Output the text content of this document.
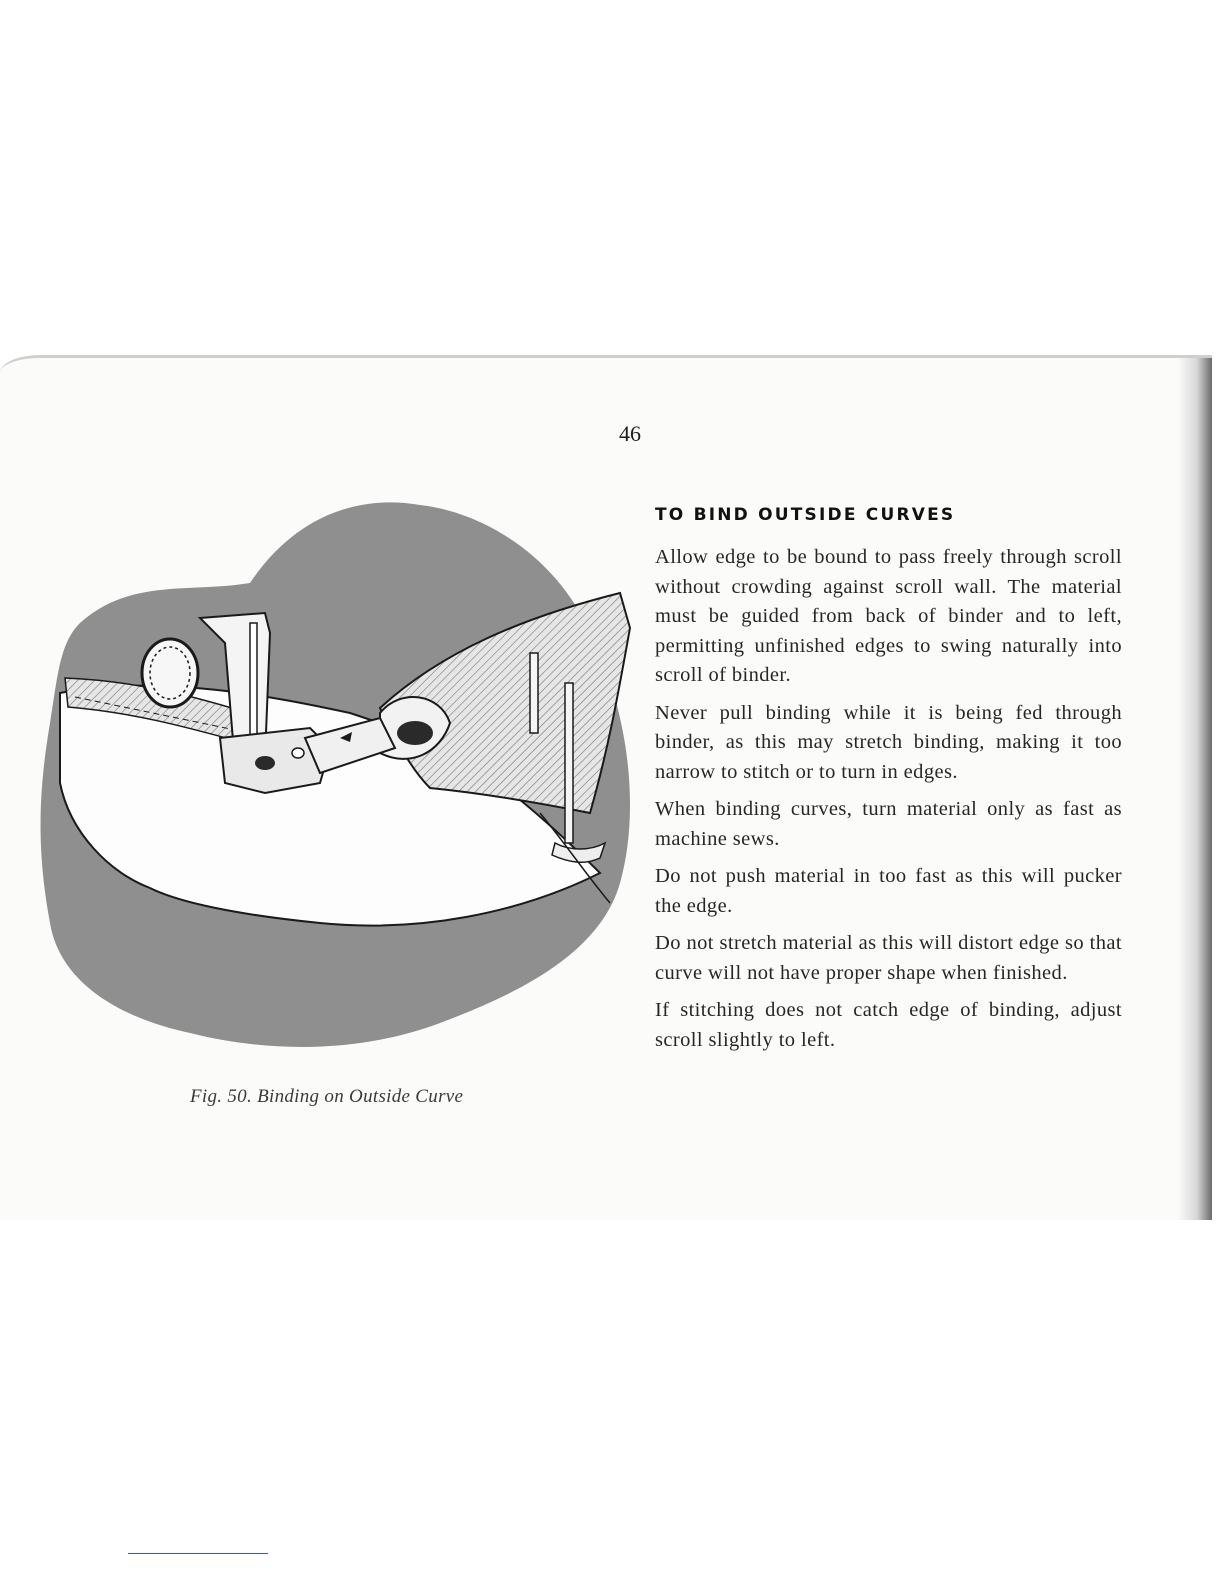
46
Fig. 50. Binding on Outside Curve
TO BIND OUTSIDE CURVES

Allow edge to be bound to pass freely through scroll without crowding against scroll wall. The material must be guided from back of binder and to left, permitting unfinished edges to swing naturally into scroll of binder.

Never pull binding while it is being fed through binder, as this may stretch binding, making it too narrow to stitch or to turn in edges.

When binding curves, turn material only as fast as machine sews.

Do not push material in too fast as this will pucker the edge.

Do not stretch material as this will distort edge so that curve will not have proper shape when finished.

If stitching does not catch edge of binding, adjust scroll slightly to left.
